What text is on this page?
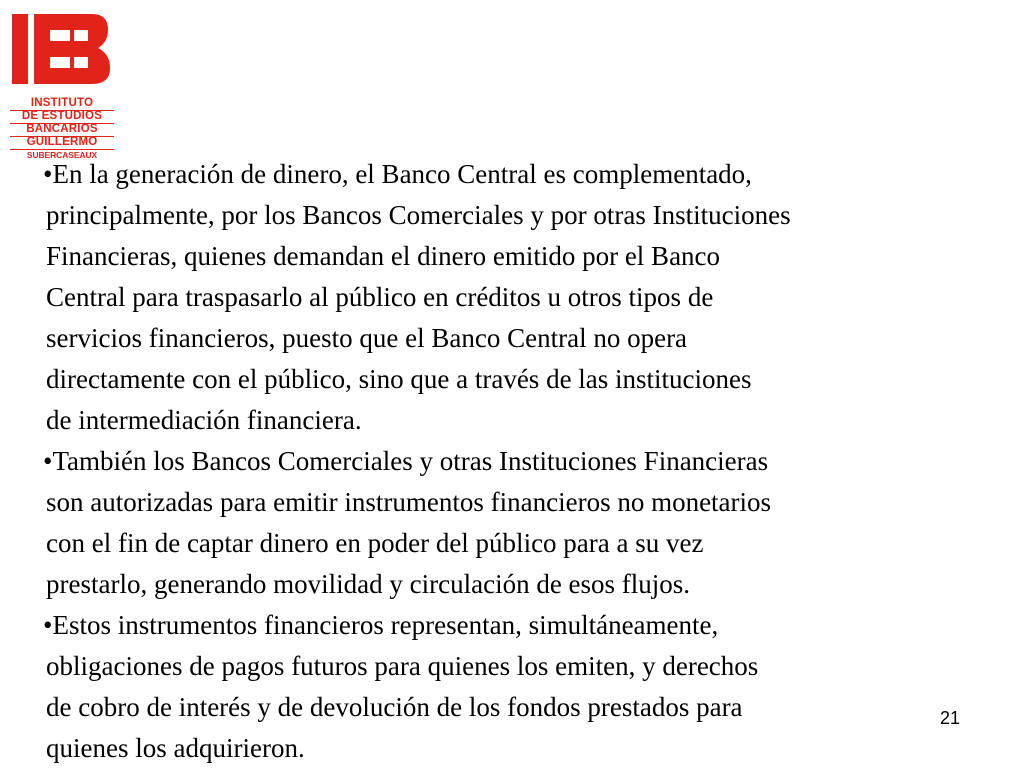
INSTITUTO
DE ESTUDIOS
BANCARIOS
GUILLERMO
SUBERCASEAUX
•En la generación de dinero, el Banco Central es complementado,
principalmente, por los Bancos Comerciales y por otras Instituciones
Financieras, quienes demandan el dinero emitido por el Banco
Central para traspasarlo al público en créditos u otros tipos de
servicios financieros, puesto que el Banco Central no opera
directamente con el público, sino que a través de las instituciones
de intermediación financiera.
•También los Bancos Comerciales y otras Instituciones Financieras
son autorizadas para emitir instrumentos financieros no monetarios
con el fin de captar dinero en poder del público para a su vez
prestarlo, generando movilidad y circulación de esos flujos.
•Estos instrumentos financieros representan, simultáneamente,
obligaciones de pagos futuros para quienes los emiten, y derechos
de cobro de interés y de devolución de los fondos prestados para
quienes los adquirieron.
21
